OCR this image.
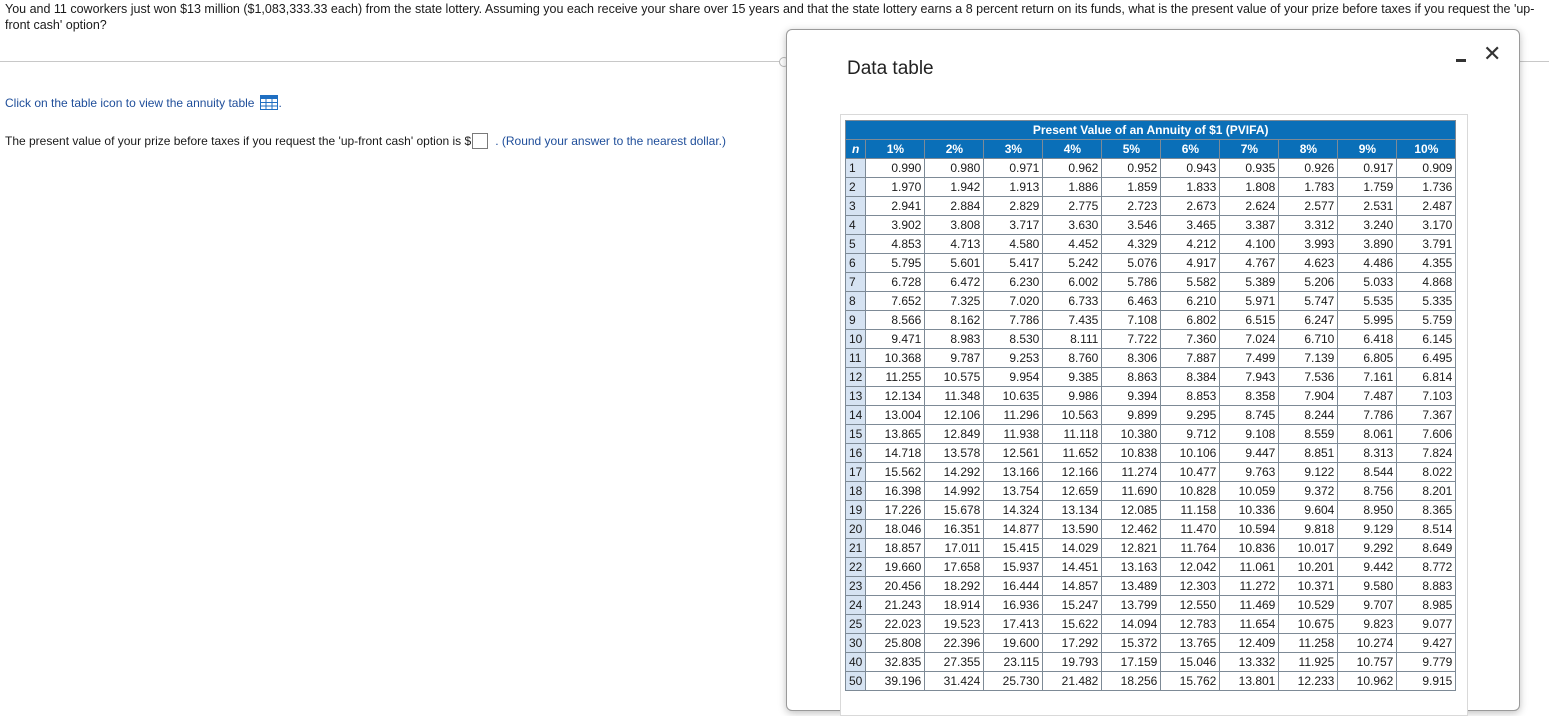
You and 11 coworkers just won $13 million ($1,083,333.33 each) from the state lottery. Assuming you each receive your share over 15 years and that the state lottery earns a 8 percent return on its funds, what is the present value of your prize before taxes if you request the 'up-front cash' option?
Click on the table icon to view the annuity table .
The present value of your prize before taxes if you request the 'up-front cash' option is $ . (Round your answer to the nearest dollar.)
Data table
✕
Present Value of an Annuity of $1 (PVIFA)										
n	1%	2%	3%	4%	5%	6%	7%	8%	9%	10%
1	0.990	0.980	0.971	0.962	0.952	0.943	0.935	0.926	0.917	0.909
2	1.970	1.942	1.913	1.886	1.859	1.833	1.808	1.783	1.759	1.736
3	2.941	2.884	2.829	2.775	2.723	2.673	2.624	2.577	2.531	2.487
4	3.902	3.808	3.717	3.630	3.546	3.465	3.387	3.312	3.240	3.170
5	4.853	4.713	4.580	4.452	4.329	4.212	4.100	3.993	3.890	3.791
6	5.795	5.601	5.417	5.242	5.076	4.917	4.767	4.623	4.486	4.355
7	6.728	6.472	6.230	6.002	5.786	5.582	5.389	5.206	5.033	4.868
8	7.652	7.325	7.020	6.733	6.463	6.210	5.971	5.747	5.535	5.335
9	8.566	8.162	7.786	7.435	7.108	6.802	6.515	6.247	5.995	5.759
10	9.471	8.983	8.530	8.111	7.722	7.360	7.024	6.710	6.418	6.145
11	10.368	9.787	9.253	8.760	8.306	7.887	7.499	7.139	6.805	6.495
12	11.255	10.575	9.954	9.385	8.863	8.384	7.943	7.536	7.161	6.814
13	12.134	11.348	10.635	9.986	9.394	8.853	8.358	7.904	7.487	7.103
14	13.004	12.106	11.296	10.563	9.899	9.295	8.745	8.244	7.786	7.367
15	13.865	12.849	11.938	11.118	10.380	9.712	9.108	8.559	8.061	7.606
16	14.718	13.578	12.561	11.652	10.838	10.106	9.447	8.851	8.313	7.824
17	15.562	14.292	13.166	12.166	11.274	10.477	9.763	9.122	8.544	8.022
18	16.398	14.992	13.754	12.659	11.690	10.828	10.059	9.372	8.756	8.201
19	17.226	15.678	14.324	13.134	12.085	11.158	10.336	9.604	8.950	8.365
20	18.046	16.351	14.877	13.590	12.462	11.470	10.594	9.818	9.129	8.514
21	18.857	17.011	15.415	14.029	12.821	11.764	10.836	10.017	9.292	8.649
22	19.660	17.658	15.937	14.451	13.163	12.042	11.061	10.201	9.442	8.772
23	20.456	18.292	16.444	14.857	13.489	12.303	11.272	10.371	9.580	8.883
24	21.243	18.914	16.936	15.247	13.799	12.550	11.469	10.529	9.707	8.985
25	22.023	19.523	17.413	15.622	14.094	12.783	11.654	10.675	9.823	9.077
30	25.808	22.396	19.600	17.292	15.372	13.765	12.409	11.258	10.274	9.427
40	32.835	27.355	23.115	19.793	17.159	15.046	13.332	11.925	10.757	9.779
50	39.196	31.424	25.730	21.482	18.256	15.762	13.801	12.233	10.962	9.915
